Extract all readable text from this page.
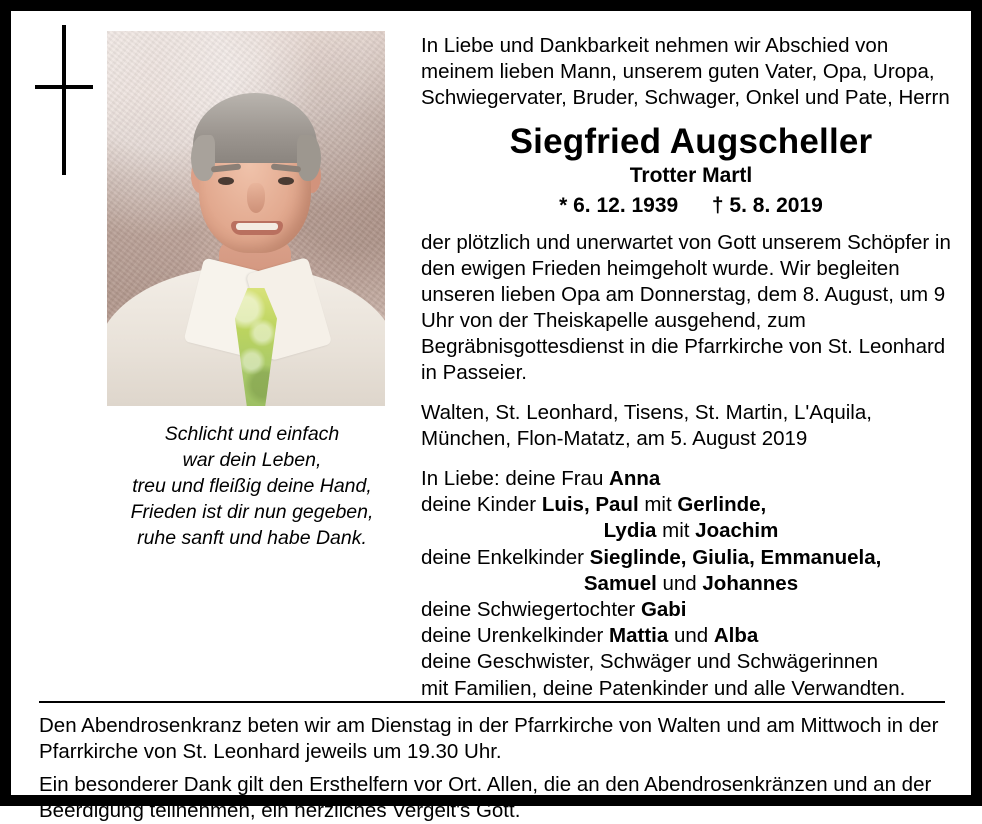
Schlicht und einfach
war dein Leben,
treu und fleißig deine Hand,
Frieden ist dir nun gegeben,
ruhe sanft und habe Dank.

In Liebe und Dankbarkeit nehmen wir Abschied von meinem lieben Mann, unserem guten Vater, Opa, Uropa, Schwiegervater, Bruder, Schwager, Onkel und Pate, Herrn

Siegfried Augscheller
Trotter Martl
* 6. 12. 1939 † 5. 8. 2019

der plötzlich und unerwartet von Gott unserem Schöpfer in den ewigen Frieden heimgeholt wurde. Wir begleiten unseren lieben Opa am Donnerstag, dem 8. August, um 9 Uhr von der Theiskapelle ausgehend, zum Begräbnisgottesdienst in die Pfarrkirche von St. Leonhard in Passeier.

Walten, St. Leonhard, Tisens, St. Martin, L'Aquila, München, Flon-Matatz, am 5. August 2019

In Liebe: deine Frau Anna
deine Kinder Luis, Paul mit Gerlinde,
Lydia mit Joachim
deine Enkelkinder Sieglinde, Giulia, Emmanuela,
Samuel und Johannes
deine Schwiegertochter Gabi
deine Urenkelkinder Mattia und Alba
deine Geschwister, Schwäger und Schwägerinnen
mit Familien, deine Patenkinder und alle Verwandten.

Den Abendrosenkranz beten wir am Dienstag in der Pfarrkirche von Walten und am Mittwoch in der Pfarrkirche von St. Leonhard jeweils um 19.30 Uhr.

Ein besonderer Dank gilt den Ersthelfern vor Ort. Allen, die an den Abendrosenkränzen und an der Beerdigung teilnehmen, ein herzliches Vergelt's Gott.
